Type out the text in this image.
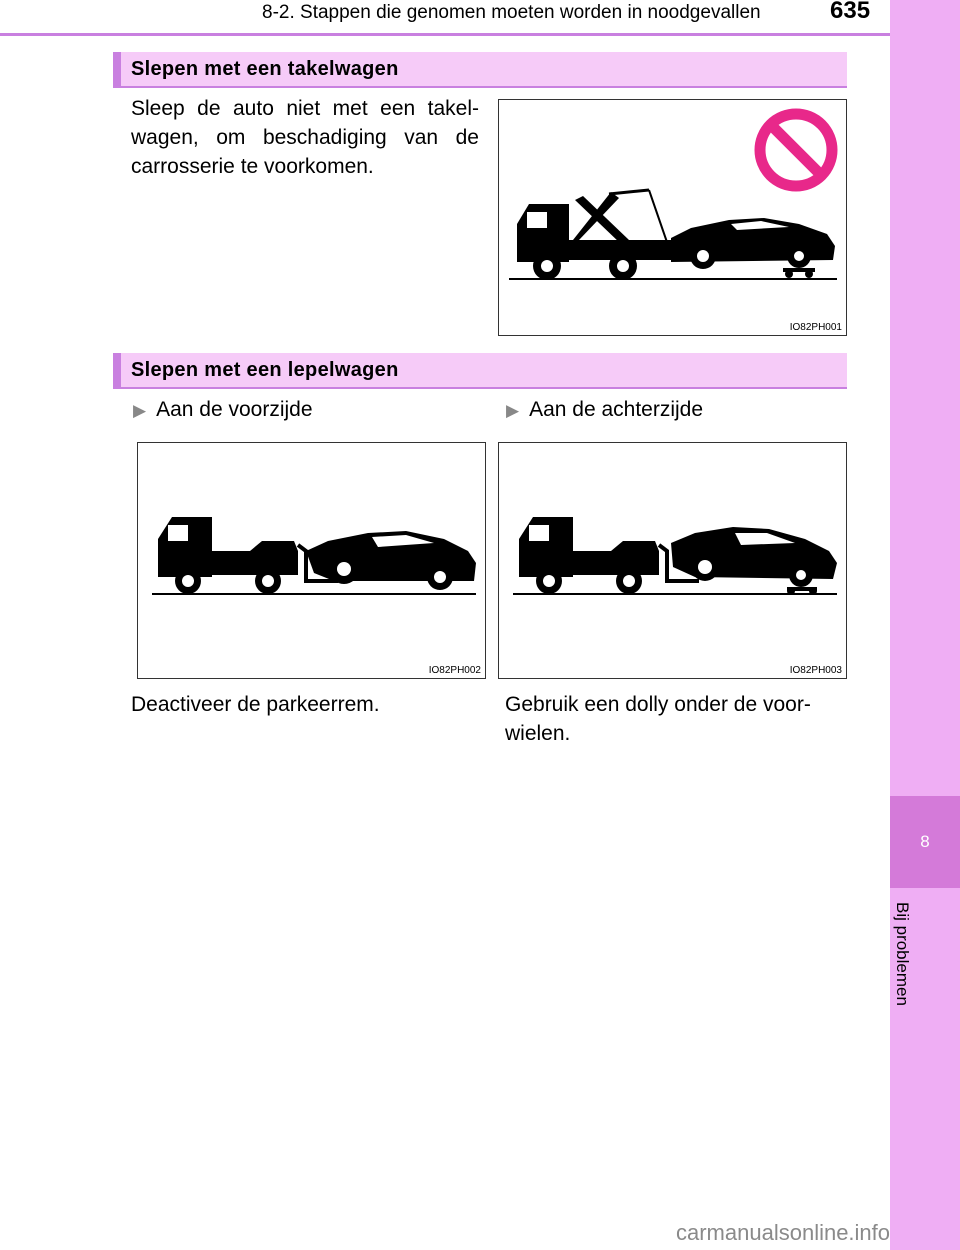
8-2. Stappen die genomen moeten worden in noodgevallen	635
8
Bij problemen
Slepen met een takelwagen
Sleep de auto niet met een takel-
wagen, om beschadiging van de
carrosserie te voorkomen.
IO82PH001
Slepen met een lepelwagen
▶ Aan de voorzijde	▶ Aan de achterzijde
IO82PH002	IO82PH003
Deactiveer de parkeerrem.	Gebruik een dolly onder de voor-
wielen.
carmanualsonline.info
